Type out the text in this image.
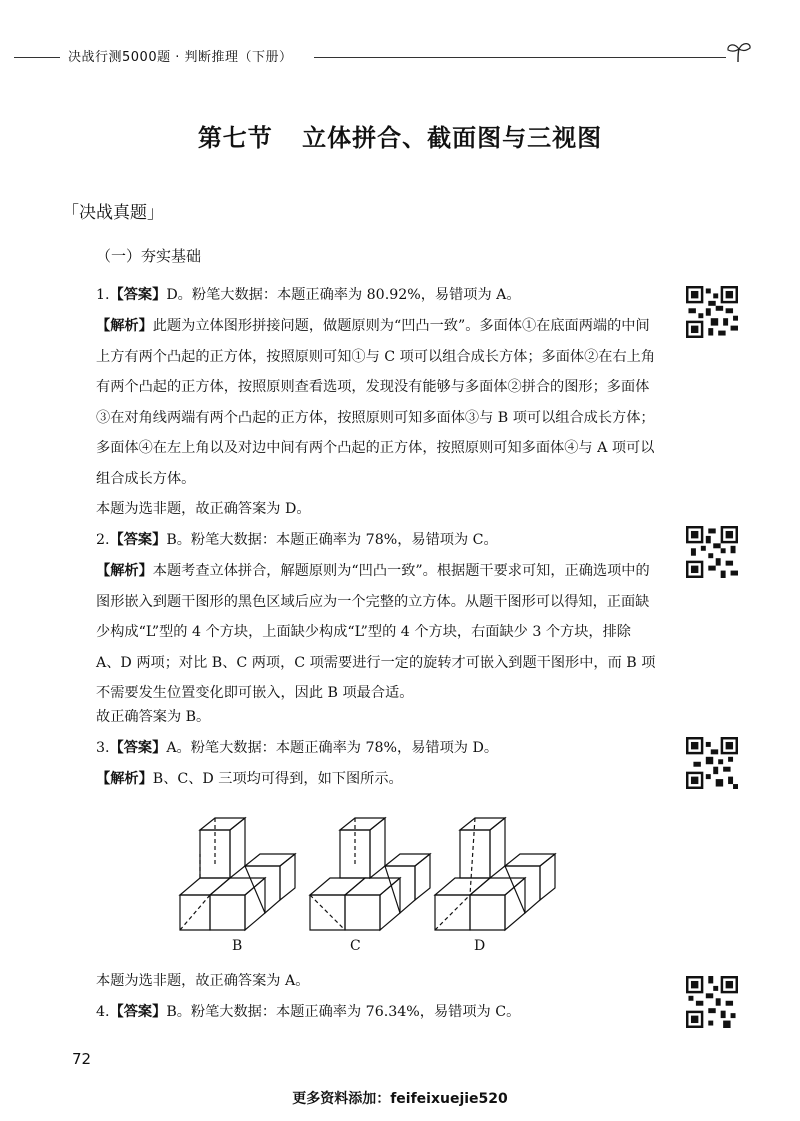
决战行测5000题 · 判断推理（下册）
第七节 立体拼合、截面图与三视图
「决战真题」
（一）夯实基础
1.【答案】D。粉笔大数据：本题正确率为 80.92%，易错项为 A。
【解析】此题为立体图形拼接问题，做题原则为“凹凸一致”。多面体①在底面两端的中间上方有两个凸起的正方体，按照原则可知①与 C 项可以组合成长方体；多面体②在右上角有两个凸起的正方体，按照原则查看选项，发现没有能够与多面体②拼合的图形；多面体③在对角线两端有两个凸起的正方体，按照原则可知多面体③与 B 项可以组合成长方体；多面体④在左上角以及对边中间有两个凸起的正方体，按照原则可知多面体④与 A 项可以组合成长方体。
本题为选非题，故正确答案为 D。
2.【答案】B。粉笔大数据：本题正确率为 78%，易错项为 C。
【解析】本题考查立体拼合，解题原则为“凹凸一致”。根据题干要求可知，正确选项中的图形嵌入到题干图形的黑色区域后应为一个完整的立方体。从题干图形可以得知，正面缺少构成“L”型的 4 个方块，上面缺少构成“L”型的 4 个方块，右面缺少 3 个方块，排除 A、D 两项；对比 B、C 两项，C 项需要进行一定的旋转才可嵌入到题干图形中，而 B 项不需要发生位置变化即可嵌入，因此 B 项最合适。
故正确答案为 B。
3.【答案】A。粉笔大数据：本题正确率为 78%，易错项为 D。
【解析】B、C、D 三项均可得到，如下图所示。
B	C	D
本题为选非题，故正确答案为 A。
4.【答案】B。粉笔大数据：本题正确率为 76.34%，易错项为 C。
72
更多资料添加：feifeixuejie520
